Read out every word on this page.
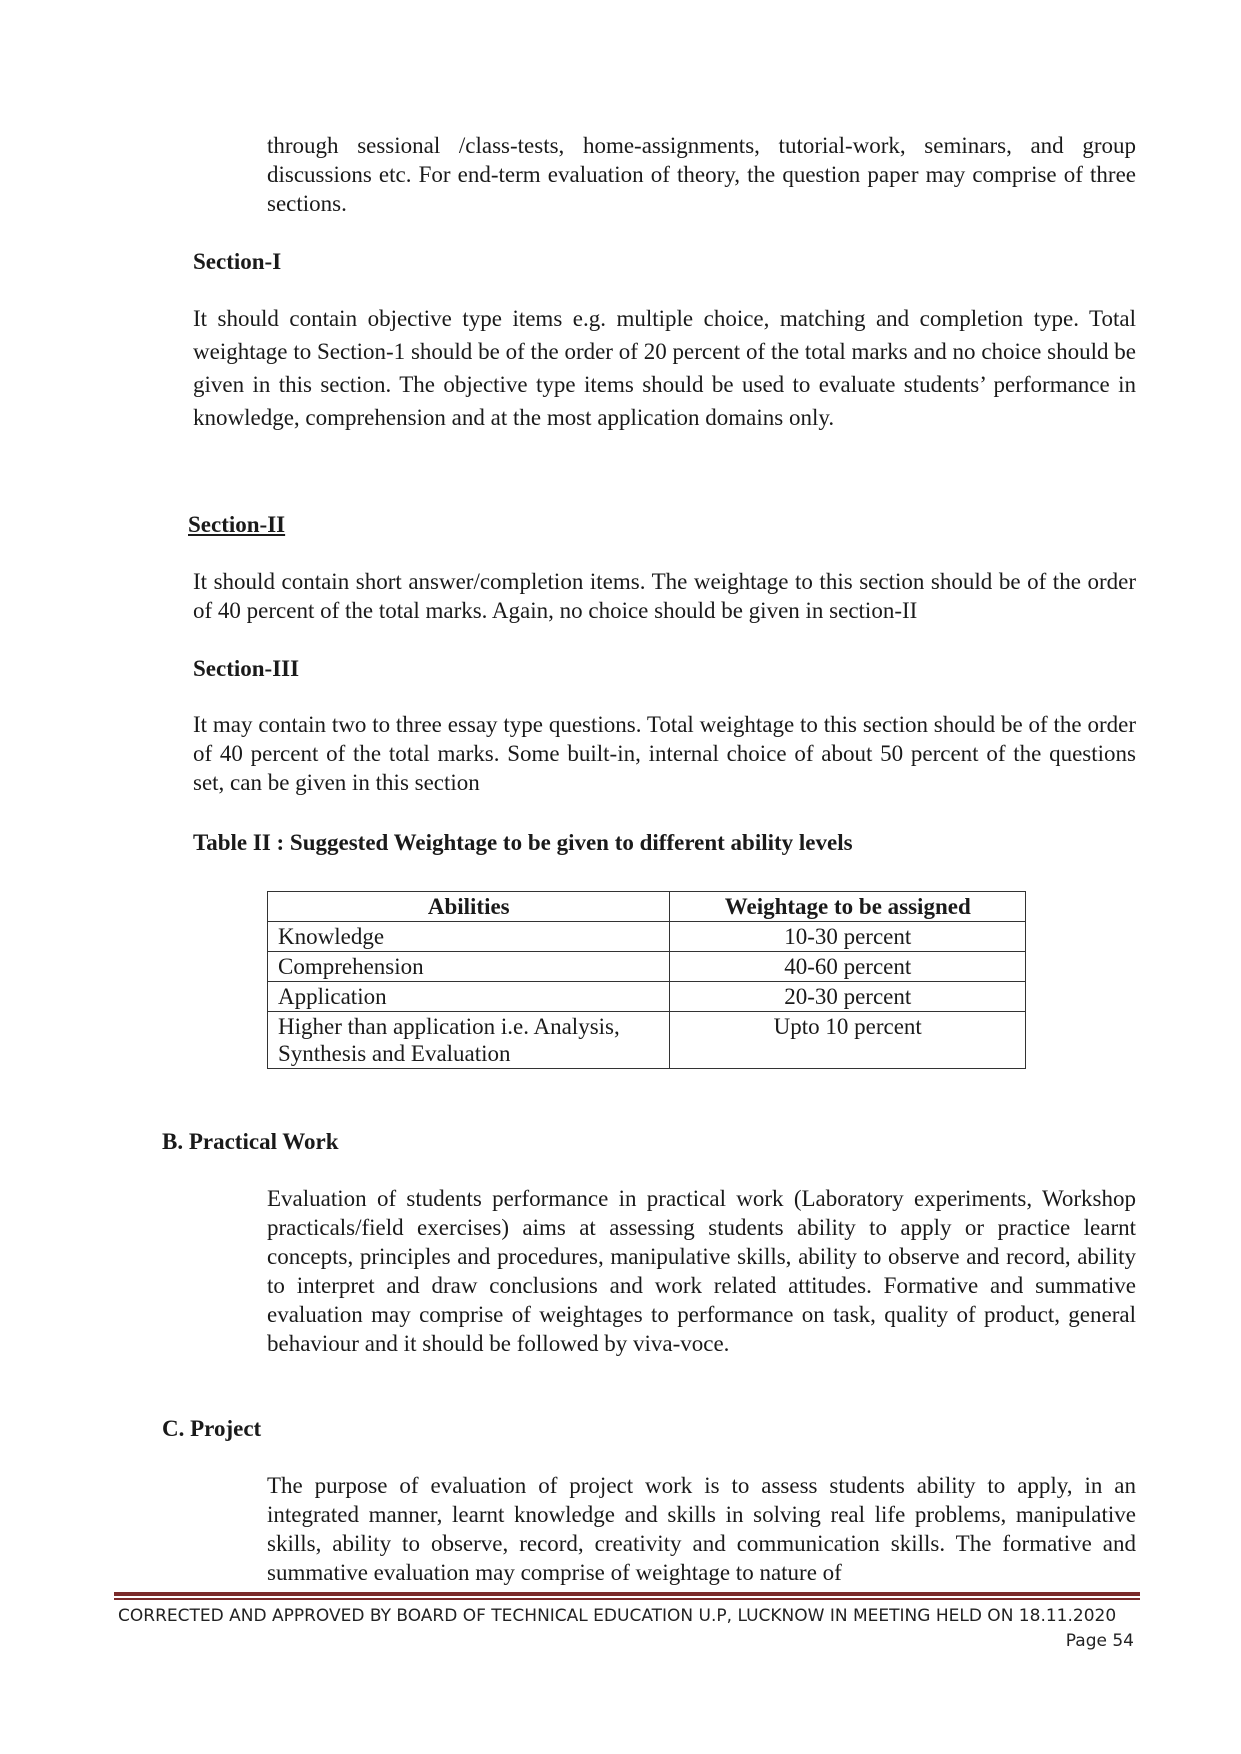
through sessional /class-tests, home-assignments, tutorial-work, seminars, and group discussions etc. For end-term evaluation of theory, the question paper may comprise of three sections.

Section-I

It should contain objective type items e.g. multiple choice, matching and completion type. Total weightage to Section-1 should be of the order of 20 percent of the total marks and no choice should be given in this section. The objective type items should be used to evaluate students’ performance in knowledge, comprehension and at the most application domains only.

Section-II

It should contain short answer/completion items. The weightage to this section should be of the order of 40 percent of the total marks. Again, no choice should be given in section-II

Section-III

It may contain two to three essay type questions. Total weightage to this section should be of the order of 40 percent of the total marks. Some built-in, internal choice of about 50 percent of the questions set, can be given in this section

Table II : Suggested Weightage to be given to different ability levels
Abilities	Weightage to be assigned
Knowledge	10-30 percent
Comprehension	40-60 percent
Application	20-30 percent
Higher than application i.e. Analysis, Synthesis and Evaluation	Upto 10 percent
B. Practical Work

Evaluation of students performance in practical work (Laboratory experiments, Workshop practicals/field exercises) aims at assessing students ability to apply or practice learnt concepts, principles and procedures, manipulative skills, ability to observe and record, ability to interpret and draw conclusions and work related attitudes. Formative and summative evaluation may comprise of weightages to performance on task, quality of product, general behaviour and it should be followed by viva-voce.

C. Project

The purpose of evaluation of project work is to assess students ability to apply, in an integrated manner, learnt knowledge and skills in solving real life problems, manipulative skills, ability to observe, record, creativity and communication skills. The formative and summative evaluation may comprise of weightage to nature of

CORRECTED AND APPROVED BY BOARD OF TECHNICAL EDUCATION U.P, LUCKNOW IN MEETING HELD ON 18.11.2020
Page 54
